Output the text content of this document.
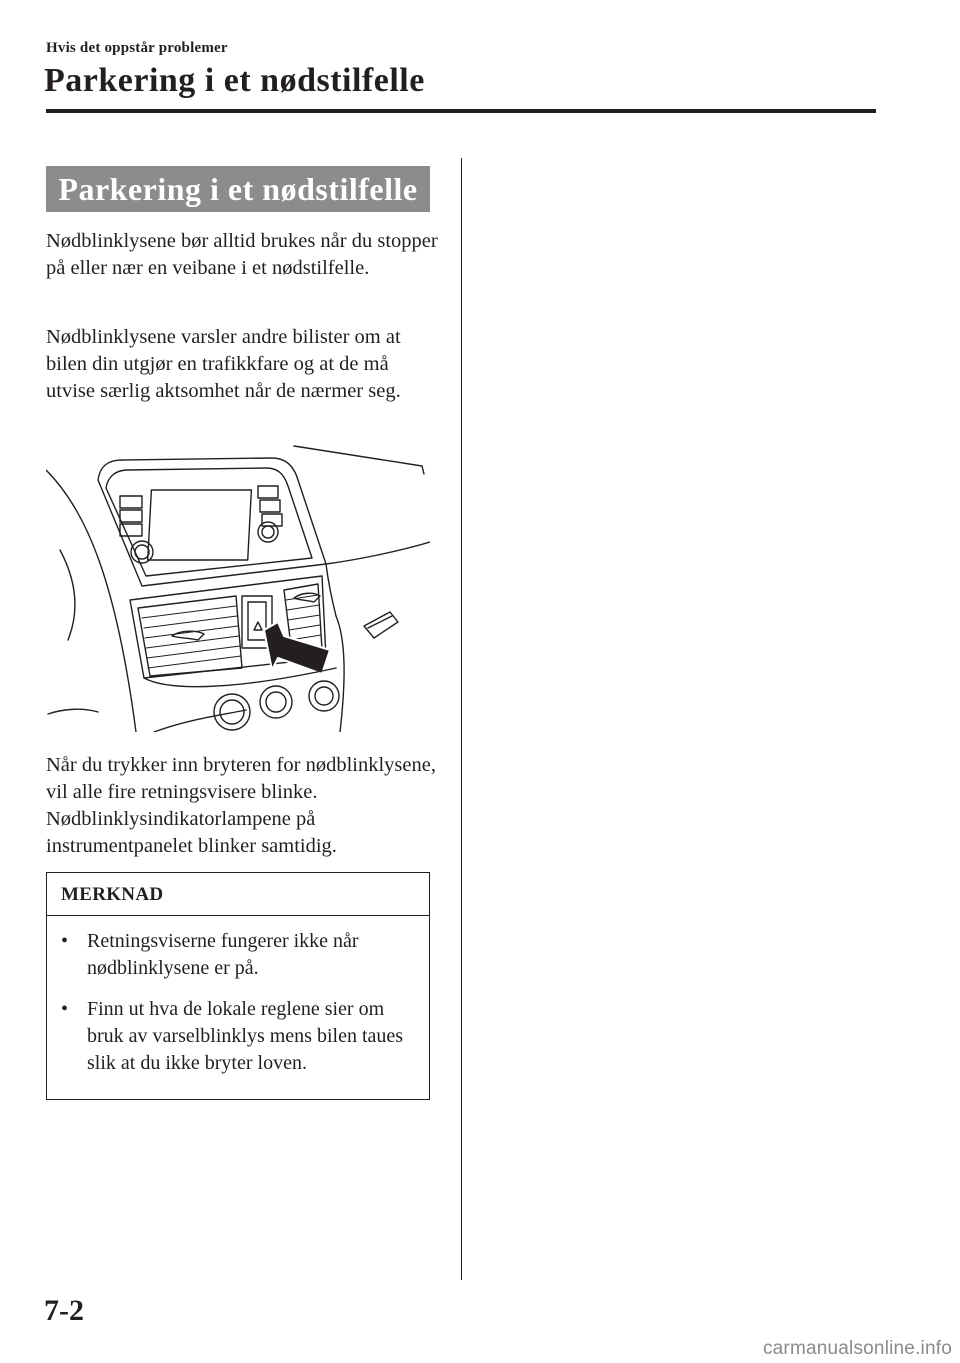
Hvis det oppstår problemer
Parkering i et nødstilfelle
Parkering i et nødstilfelle

Nødblinklysene bør alltid brukes når du stopper på eller nær en veibane i et nødstilfelle.

Nødblinklysene varsler andre bilister om at bilen din utgjør en trafikkfare og at de må utvise særlig aktsomhet når de nærmer seg.

Når du trykker inn bryteren for nødblinklysene, vil alle fire retningsvisere blinke. Nødblinklysindikatorlampene på instrumentpanelet blinker samtidig.

MERKNAD
• Retningsviserne fungerer ikke når nødblinklysene er på.
• Finn ut hva de lokale reglene sier om bruk av varselblinklys mens bilen taues slik at du ikke bryter loven.
7-2
carmanualsonline.info
